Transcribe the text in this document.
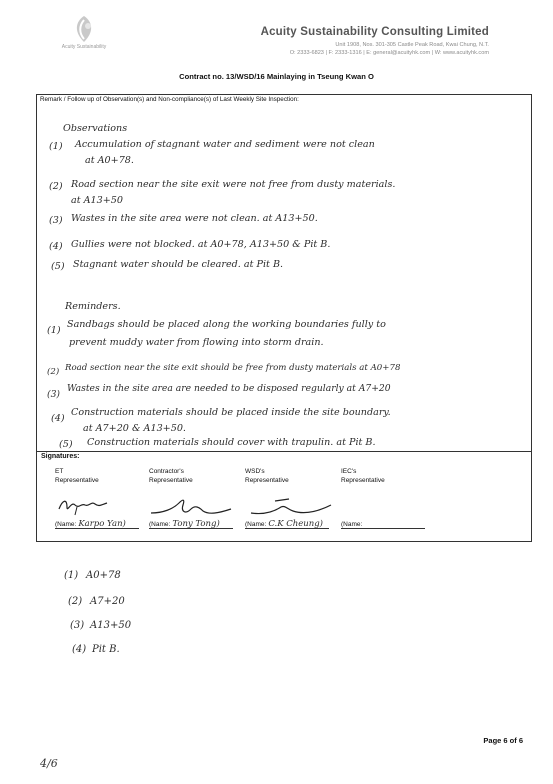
Acuity Sustainability
Acuity Sustainability Consulting Limited
Unit 1908, Nos. 301-305 Castle Peak Road, Kwai Chung, N.T.
O: 2333-6823 | F: 2333-1316 | E: general@acuityhk.com | W: www.acuityhk.com
Contract no. 13/WSD/16 Mainlaying in Tseung Kwan O
Remark / Follow up of Observation(s) and Non-compliance(s) of Last Weekly Site Inspection:
Observations
(1) Accumulation of stagnant water and sediment were not clean
at A0+78.
(2) Road section near the site exit were not free from dusty materials.
at A13+50
(3) Wastes in the site area were not clean. at A13+50.
(4) Gullies were not blocked. at A0+78, A13+50 & Pit B.
(5) Stagnant water should be cleared. at Pit B.
Reminders.
(1)
Sandbags should be placed along the working boundaries fully to
prevent muddy water from flowing into storm drain.
(2) Road section near the site exit should be free from dusty materials at A0+78
(3)
Wastes in the site area are needed to be disposed regularly at A7+20
(4)
Construction materials should be placed inside the site boundary.
at A7+20 & A13+50.
(5) Construction materials should cover with trapulin. at Pit B.
Signatures:
ET
Representative
(Name: Karpo Yan)
Contractor's
Representative
(Name: Tony Tong)
WSD's
Representative
(Name: C.K Cheung)
IEC's
Representative
(Name:
(1) A0+78
(2) A7+20
(3) A13+50
(4) Pit B.
Page 6 of 6
4/6
